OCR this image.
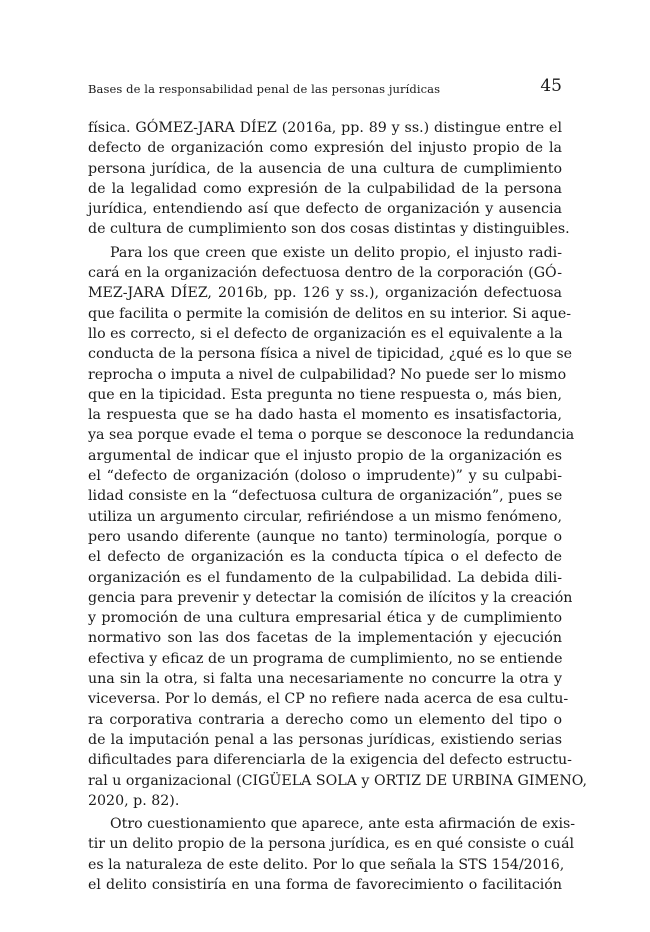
Bases de la responsabilidad penal de las personas jurídicas	45
física. GÓMEZ-JARA DÍEZ (2016a, pp. 89 y ss.) distingue entre el
defecto de organización como expresión del injusto propio de la
persona jurídica, de la ausencia de una cultura de cumplimiento
de la legalidad como expresión de la culpabilidad de la persona
jurídica, entendiendo así que defecto de organización y ausencia
de cultura de cumplimiento son dos cosas distintas y distinguibles.
Para los que creen que existe un delito propio, el injusto radi-
cará en la organización defectuosa dentro de la corporación (GÓ-
MEZ-JARA DÍEZ, 2016b, pp. 126 y ss.), organización defectuosa
que facilita o permite la comisión de delitos en su interior. Si aque-
llo es correcto, si el defecto de organización es el equivalente a la
conducta de la persona física a nivel de tipicidad, ¿qué es lo que se
reprocha o imputa a nivel de culpabilidad? No puede ser lo mismo
que en la tipicidad. Esta pregunta no tiene respuesta o, más bien,
la respuesta que se ha dado hasta el momento es insatisfactoria,
ya sea porque evade el tema o porque se desconoce la redundancia
argumental de indicar que el injusto propio de la organización es
el “defecto de organización (doloso o imprudente)” y su culpabi-
lidad consiste en la “defectuosa cultura de organización”, pues se
utiliza un argumento circular, refiriéndose a un mismo fenómeno,
pero usando diferente (aunque no tanto) terminología, porque o
el defecto de organización es la conducta típica o el defecto de
organización es el fundamento de la culpabilidad. La debida dili-
gencia para prevenir y detectar la comisión de ilícitos y la creación
y promoción de una cultura empresarial ética y de cumplimiento
normativo son las dos facetas de la implementación y ejecución
efectiva y eficaz de un programa de cumplimiento, no se entiende
una sin la otra, si falta una necesariamente no concurre la otra y
viceversa. Por lo demás, el CP no refiere nada acerca de esa cultu-
ra corporativa contraria a derecho como un elemento del tipo o
de la imputación penal a las personas jurídicas, existiendo serias
dificultades para diferenciarla de la exigencia del defecto estructu-
ral u organizacional (CIGÜELA SOLA y ORTIZ DE URBINA GIMENO,
2020, p. 82).
Otro cuestionamiento que aparece, ante esta afirmación de exis-
tir un delito propio de la persona jurídica, es en qué consiste o cuál
es la naturaleza de este delito. Por lo que señala la STS 154/2016,
el delito consistiría en una forma de favorecimiento o facilitación
